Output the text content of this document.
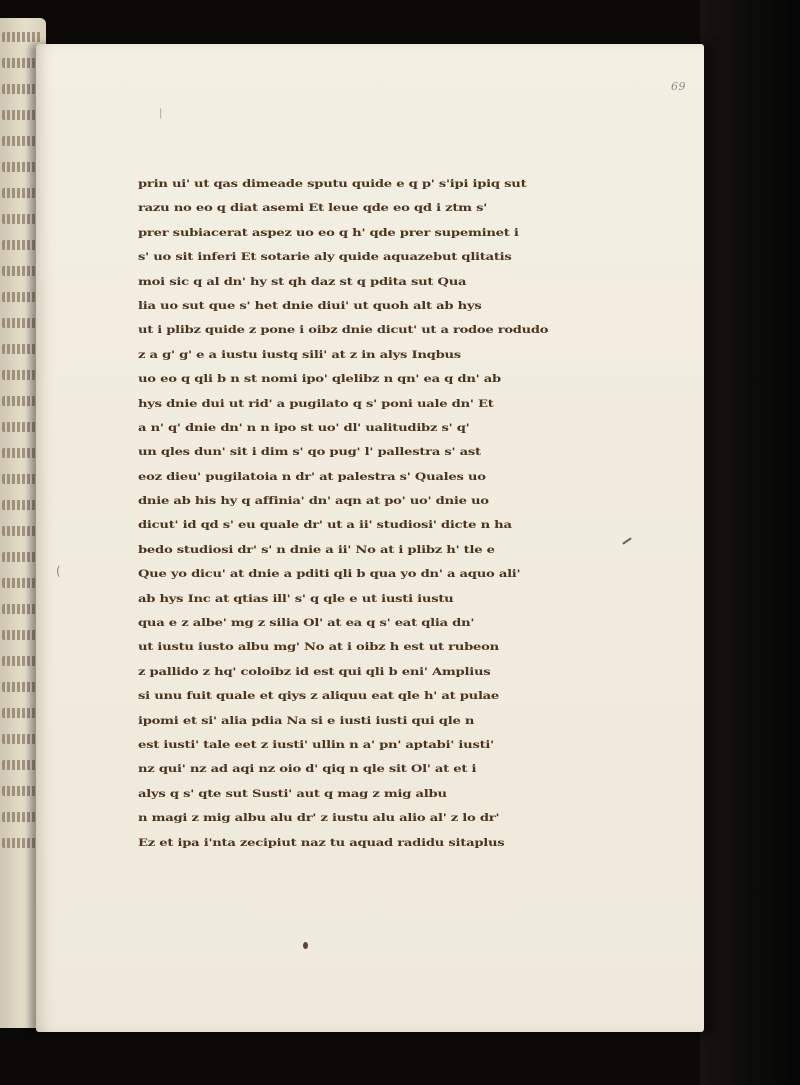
69
|
(
prin ui' ut qas dimeade sputu quide e q p' s'ipi ipiq sut
razu no eo q diat asemi Et leue qde eo qd i ztm s'
prer subiacerat aspez uo eo q h' qde prer supeminet i
s' uo sit inferi Et sotarie aly quide aquazebut qlitatis
moi sic q al dn' hy st qh daz st q pdita sut Qua
lia uo sut que s' het dnie diui' ut quoh alt ab hys
ut i plibz quide z pone i oibz dnie dicut' ut a rodoe rodudo
z a g' g' e a iustu iustq sili' at z in alys Inqbus
uo eo q qli b n st nomi ipo' qlelibz n qn' ea q dn' ab
hys dnie dui ut rid' a pugilato q s' poni uale dn' Et
a n' q' dnie dn' n n ipo st uo' dl' ualitudibz s' q'
un qles dun' sit i dim s' qo pug' l' pallestra s' ast
eoz dieu' pugilatoia n dr' at palestra s' Quales uo
dnie ab his hy q affinia' dn' aqn at po' uo' dnie uo
dicut' id qd s' eu quale dr' ut a ii' studiosi' dicte n ha
bedo studiosi dr' s' n dnie a ii' No at i plibz h' tle e
Que yo dicu' at dnie a pditi qli b qua yo dn' a aquo ali'
ab hys Inc at qtias ill' s' q qle e ut iusti iustu
qua e z albe' mg z silia Ol' at ea q s' eat qlia dn'
ut iustu iusto albu mg' No at i oibz h est ut rubeon
z pallido z hq' coloibz id est qui qli b eni' Amplius
si unu fuit quale et qiys z aliquu eat qle h' at pulae
ipomi et si' alia pdia Na si e iusti iusti qui qle n
est iusti' tale eet z iusti' ullin n a' pn' aptabi' iusti'
nz qui' nz ad aqi nz oio d' qiq n qle sit Ol' at et i
alys q s' qte sut Susti' aut q mag z mig albu
n magi z mig albu alu dr' z iustu alu alio al' z lo dr'
Ez et ipa i'nta zecipiut naz tu aquad radidu sitaplus
